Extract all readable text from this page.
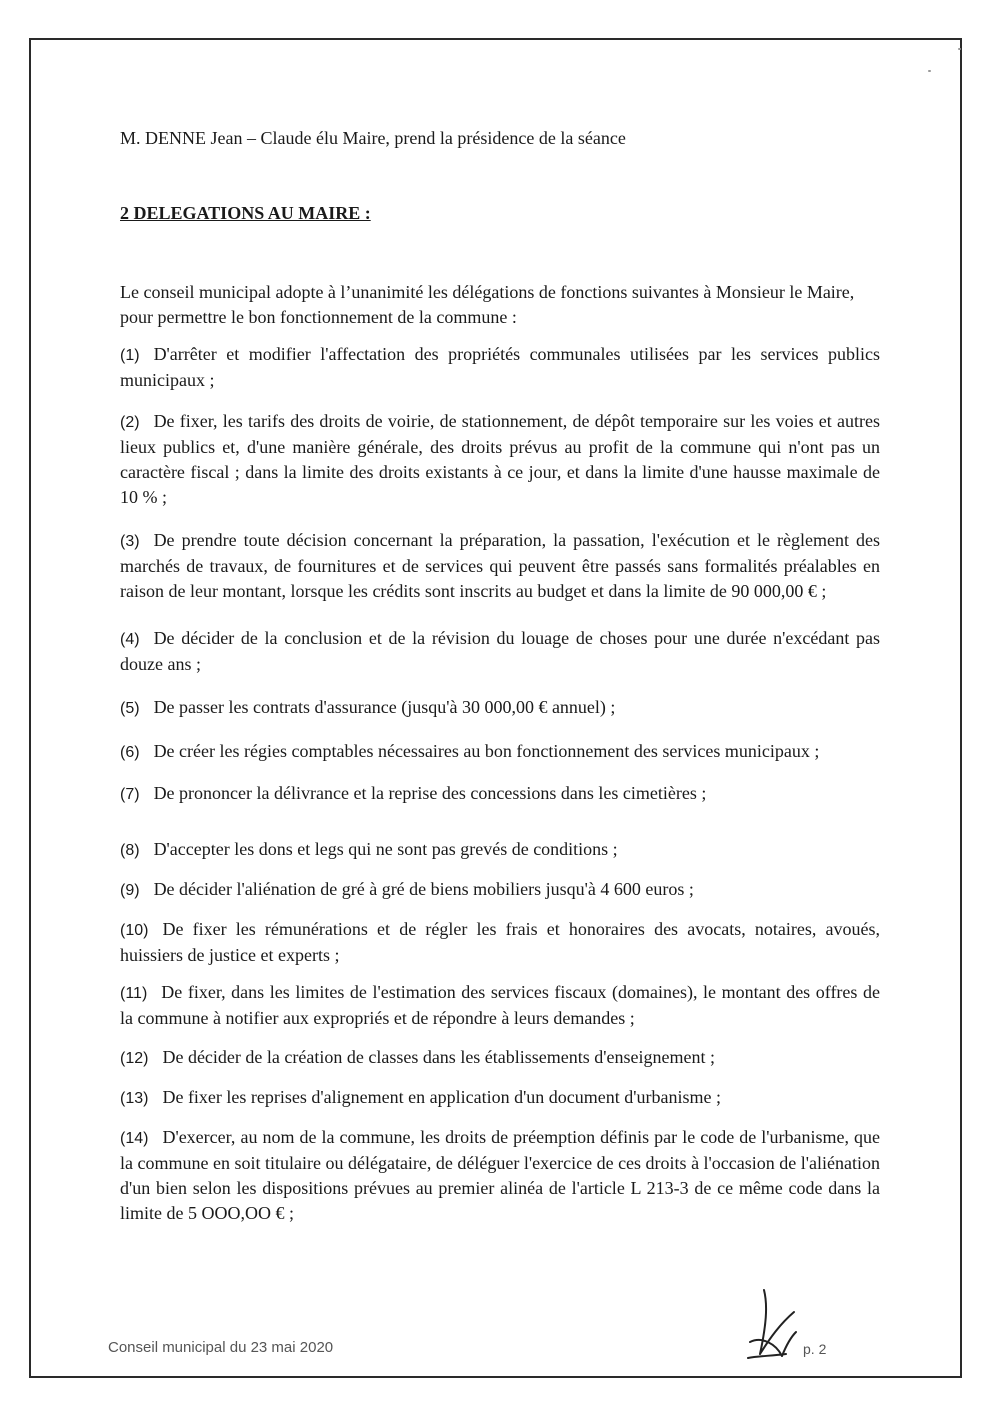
M. DENNE Jean – Claude élu Maire, prend la présidence de la séance
2 DELEGATIONS AU MAIRE :
Le conseil municipal adopte à l’unanimité les délégations de fonctions suivantes à Monsieur le Maire, pour permettre le bon fonctionnement de la commune :
(1) D'arrêter et modifier l'affectation des propriétés communales utilisées par les services publics municipaux ;
(2) De fixer, les tarifs des droits de voirie, de stationnement, de dépôt temporaire sur les voies et autres lieux publics et, d'une manière générale, des droits prévus au profit de la commune qui n'ont pas un caractère fiscal ; dans la limite des droits existants à ce jour, et dans la limite d'une hausse maximale de 10 % ;
(3) De prendre toute décision concernant la préparation, la passation, l'exécution et le règlement des marchés de travaux, de fournitures et de services qui peuvent être passés sans formalités préalables en raison de leur montant, lorsque les crédits sont inscrits au budget et dans la limite de 90 000,00 € ;
(4) De décider de la conclusion et de la révision du louage de choses pour une durée n'excédant pas douze ans ;
(5) De passer les contrats d'assurance (jusqu'à 30 000,00 € annuel) ;
(6) De créer les régies comptables nécessaires au bon fonctionnement des services municipaux ;
(7) De prononcer la délivrance et la reprise des concessions dans les cimetières ;
(8) D'accepter les dons et legs qui ne sont pas grevés de conditions ;
(9) De décider l'aliénation de gré à gré de biens mobiliers jusqu'à 4 600 euros ;
(10) De fixer les rémunérations et de régler les frais et honoraires des avocats, notaires, avoués, huissiers de justice et experts ;
(11) De fixer, dans les limites de l'estimation des services fiscaux (domaines), le montant des offres de la commune à notifier aux expropriés et de répondre à leurs demandes ;
(12) De décider de la création de classes dans les établissements d'enseignement ;
(13) De fixer les reprises d'alignement en application d'un document d'urbanisme ;
(14) D'exercer, au nom de la commune, les droits de préemption définis par le code de l'urbanisme, que la commune en soit titulaire ou délégataire, de déléguer l'exercice de ces droits à l'occasion de l'aliénation d'un bien selon les dispositions prévues au premier alinéa de l'article L 213-3 de ce même code dans la limite de 5 OOO,OO € ;
Conseil municipal du 23 mai 2020	p. 2
